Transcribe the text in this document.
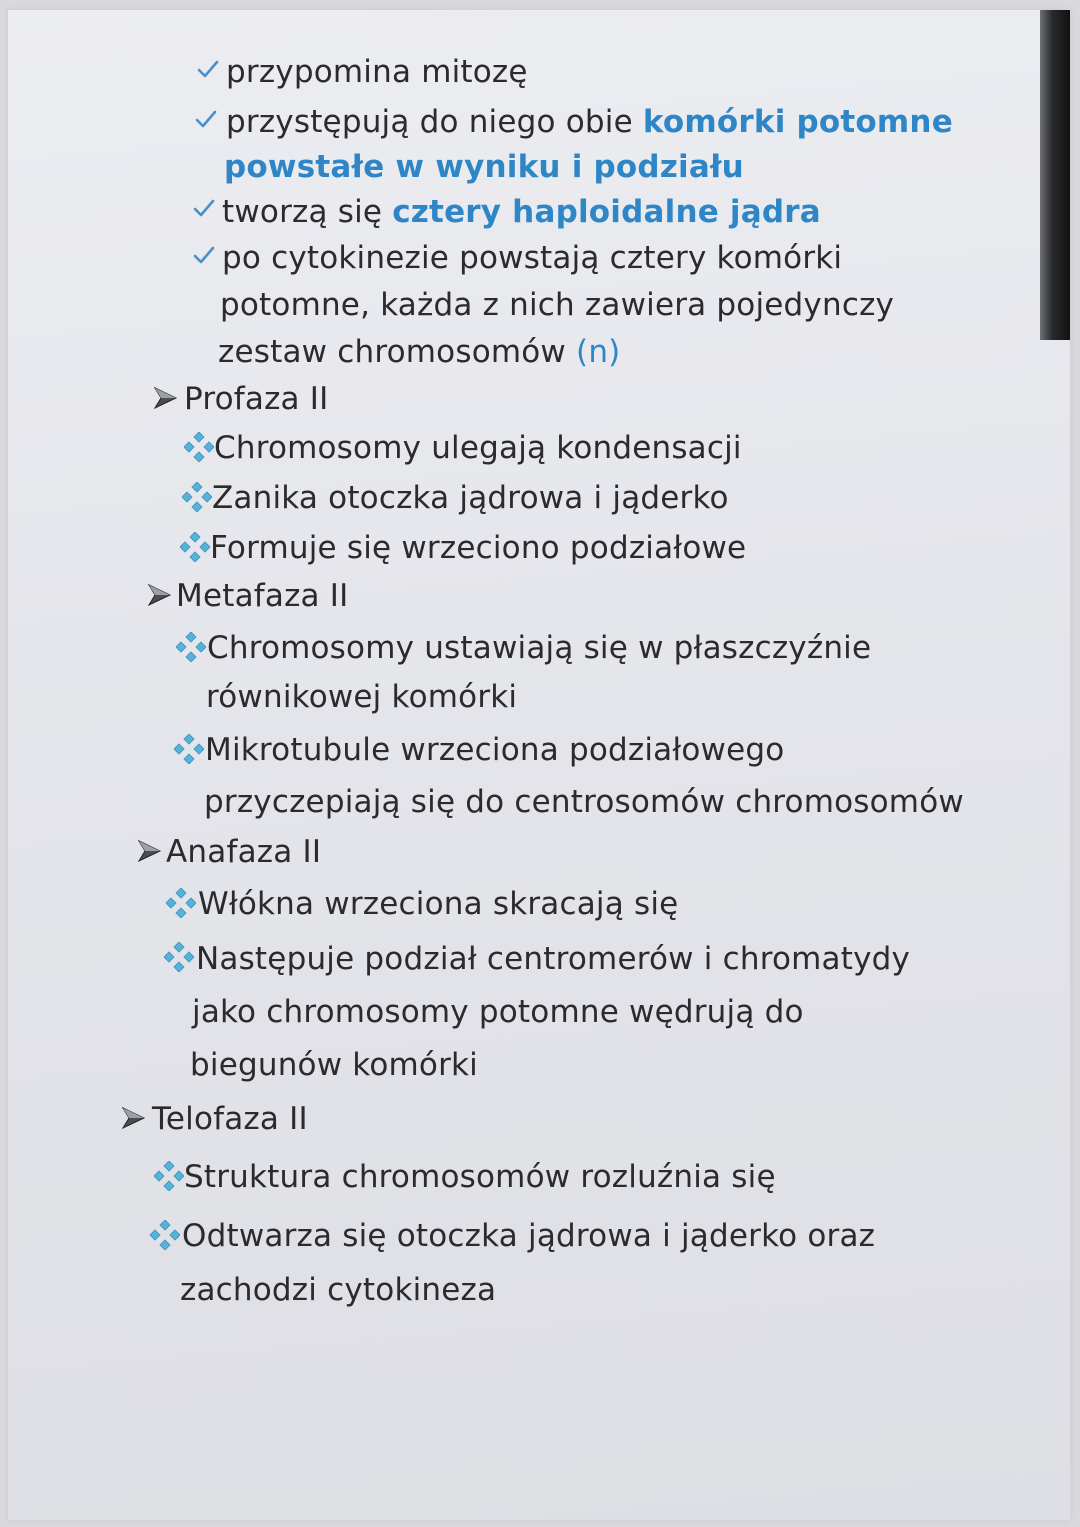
przypomina mitozę
przystępują do niego obie komórki potomne
powstałe w wyniku i podziału
tworzą się cztery haploidalne jądra
po cytokinezie powstają cztery komórki
potomne, każda z nich zawiera pojedynczy
zestaw chromosomów (n)
Profaza II
Chromosomy ulegają kondensacji
Zanika otoczka jądrowa i jąderko
Formuje się wrzeciono podziałowe
Metafaza II
Chromosomy ustawiają się w płaszczyźnie
równikowej komórki
Mikrotubule wrzeciona podziałowego
przyczepiają się do centrosomów chromosomów
Anafaza II
Włókna wrzeciona skracają się
Następuje podział centromerów i chromatydy
jako chromosomy potomne wędrują do
biegunów komórki
Telofaza II
Struktura chromosomów rozluźnia się
Odtwarza się otoczka jądrowa i jąderko oraz
zachodzi cytokineza
